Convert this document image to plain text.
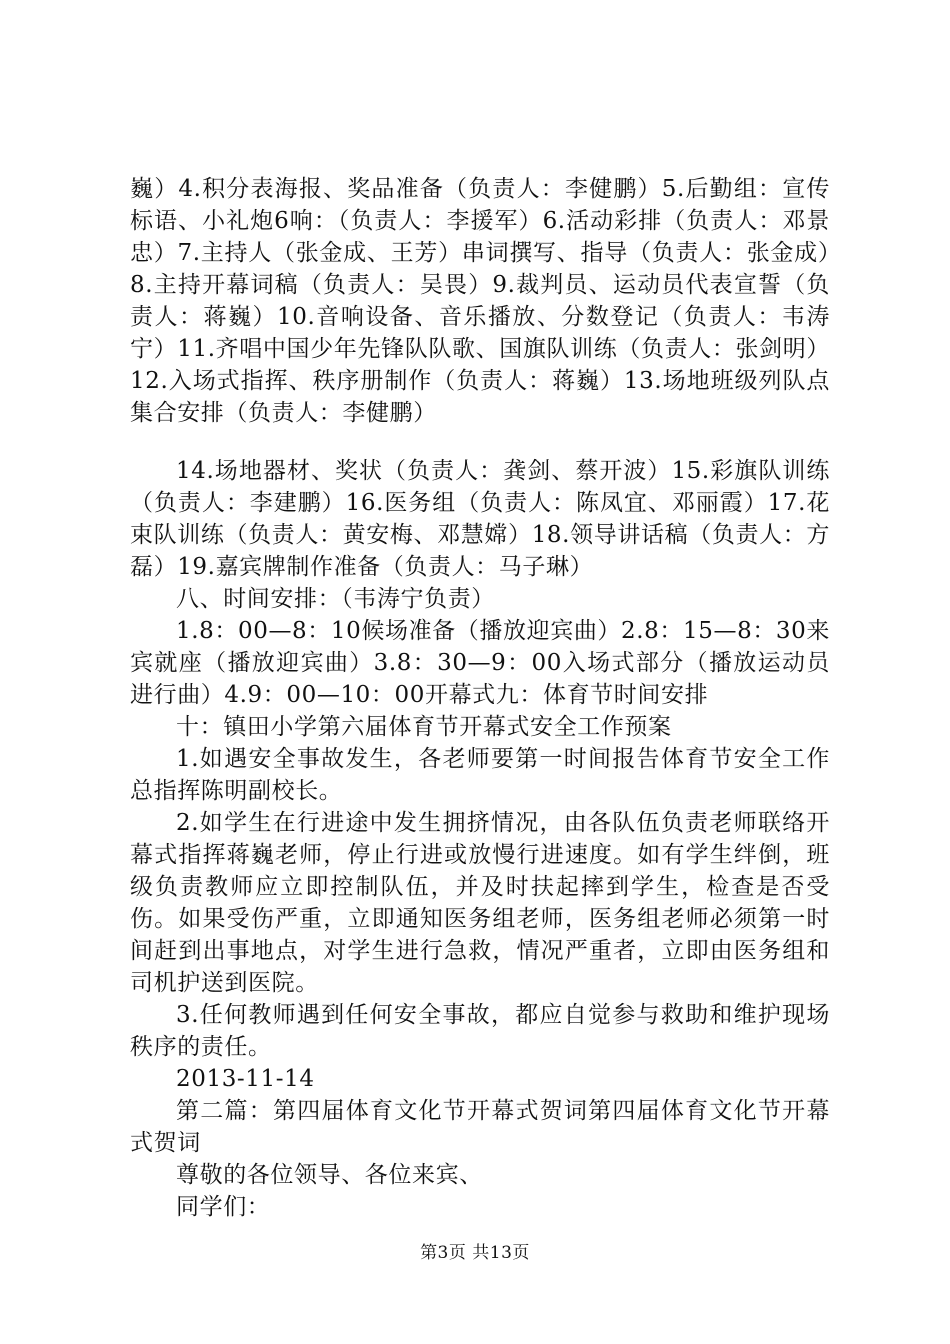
巍）4.积分表海报、奖品准备（负责人：李健鹏）5.后勤组：宣传标语、小礼炮6响：（负责人：李援军）6.活动彩排（负责人：邓景忠）7.主持人（张金成、王芳）串词撰写、指导（负责人：张金成）8.主持开幕词稿（负责人：吴畏）9.裁判员、运动员代表宣誓（负责人：蒋巍）10.音响设备、音乐播放、分数登记（负责人：韦涛宁）11.齐唱中国少年先锋队队歌、国旗队训练（负责人：张剑明）12.入场式指挥、秩序册制作（负责人：蒋巍）13.场地班级列队点集合安排（负责人：李健鹏）

14.场地器材、奖状（负责人：龚剑、蔡开波）15.彩旗队训练（负责人：李建鹏）16.医务组（负责人：陈凤宜、邓丽霞）17.花束队训练（负责人：黄安梅、邓慧嫦）18.领导讲话稿（负责人：方磊）19.嘉宾牌制作准备（负责人：马子琳）

八、时间安排：（韦涛宁负责）

1.8：00—8：10候场准备（播放迎宾曲）2.8：15—8：30来宾就座（播放迎宾曲）3.8：30—9：00入场式部分（播放运动员进行曲）4.9：00—10：00开幕式九：体育节时间安排

十：镇田小学第六届体育节开幕式安全工作预案

1.如遇安全事故发生，各老师要第一时间报告体育节安全工作总指挥陈明副校长。

2.如学生在行进途中发生拥挤情况，由各队伍负责老师联络开幕式指挥蒋巍老师，停止行进或放慢行进速度。如有学生绊倒，班级负责教师应立即控制队伍，并及时扶起摔到学生，检查是否受伤。如果受伤严重，立即通知医务组老师，医务组老师必须第一时间赶到出事地点，对学生进行急救，情况严重者，立即由医务组和司机护送到医院。

3.任何教师遇到任何安全事故，都应自觉参与救助和维护现场秩序的责任。

2013-11-14

第二篇：第四届体育文化节开幕式贺词第四届体育文化节开幕式贺词

尊敬的各位领导、各位来宾、

同学们：

第3页 共13页
